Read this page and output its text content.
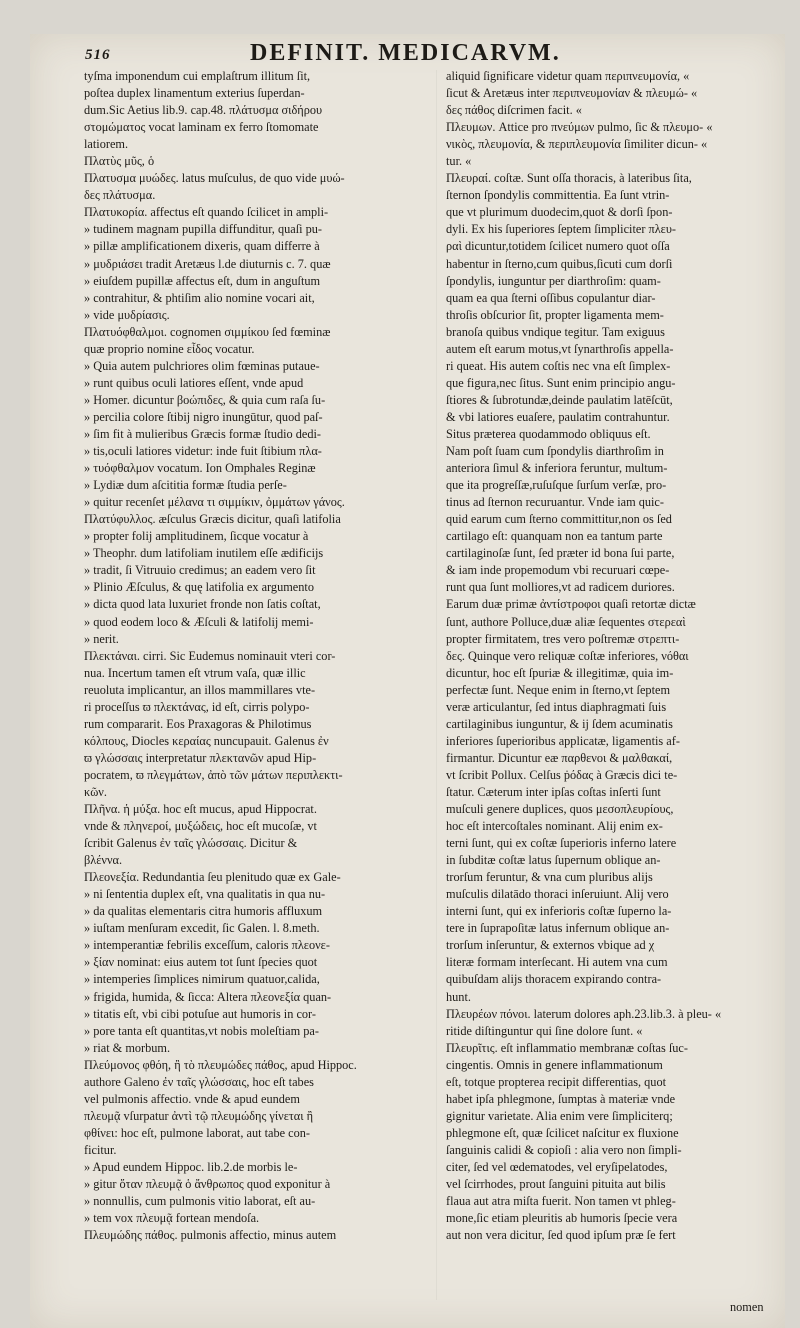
516	DEFINIT. MEDICARVM.
tyſma imponendum cui emplaſtrum illitum ſit,
poſtea duplex linamentum exterius ſuperdan-
dum.Sic Aetius lib.9. cap.48. πλάτυσμα σιδήρου
στομώματος vocat laminam ex ferro ſtomomate
latiorem.
Πλατὺς μῦς, ὁ
Πλατυσμα μυώδες. latus muſculus, de quo vide μυώ-
δες πλάτυσμα.
Πλατυκορία. affectus eſt quando ſcilicet in ampli-
» tudinem magnam pupilla diffunditur, quaſi pu-
» pillæ amplificationem dixeris, quam differre à
» μυδριάσει tradit Aretæus l.de diuturnis c. 7. quæ
» eiuſdem pupillæ affectus eſt, dum in anguſtum
» contrahitur, & phtiſim alio nomine vocari ait,
» vide μυδρίασις.
Πλατυόφθαλμοι. cognomen σιμμίκου ſed fœminæ
quæ proprio nomine εἶδος vocatur.
» Quia autem pulchriores olim fœminas putaue-
» runt quibus oculi latiores eſſent, vnde apud
» Homer. dicuntur βοώπιδες, & quia cum raſa ſu-
» percilia colore ſtibij nigro inungūtur, quod paſ-
» ſim fit à mulieribus Græcis formæ ſtudio dedi-
» tis,oculi latiores videtur: inde fuit ſtibium πλα-
» τυόφθαλμον vocatum. Ion Omphales Reginæ
» Lydiæ dum aſcititia formæ ſtudia perſe-
» quitur recenſet μέλανα τι σιμμίκιν, ὀμμάτων γάνος.
Πλατύφυλλος. æſculus Græcis dicitur, quaſi latifolia
» propter folij amplitudinem, ſicque vocatur à
» Theophr. dum latifoliam inutilem eſſe ædificijs
» tradit, ſi Vitruuio credimus; an eadem vero ſit
» Plinio Æſculus, & quę latifolia ex argumento
» dicta quod lata luxuriet fronde non ſatis coſtat,
» quod eodem loco & Æſculi & latifolij memi-
» nerit.
Πλεκτάναι. cirri. Sic Eudemus nominauit vteri cor-
nua. Incertum tamen eſt vtrum vaſa, quæ illic
reuoluta implicantur, an illos mammillares vte-
ri proceſſus ϖ πλεκτάνας, id eſt, cirris polypo-
rum compararit. Eos Praxagoras & Philotimus
κόλπους, Diocles κεραίας nuncupauit. Galenus ἐν
ϖ γλώσσαις interpretatur πλεκτανῶν apud Hip-
pocratem, ϖ πλεγμάτων, ἀπὸ τῶν μάτων περιπλεκτι-
κῶν.
Πλῆνα. ἡ μύξα. hoc eſt mucus, apud Hippocrat.
vnde & πληνεροί, μυξώδεις, hoc eſt mucoſæ, vt
ſcribit Galenus ἐν ταῖς γλώσσαις. Dicitur &
βλέννα.
Πλεονεξία. Redundantia ſeu plenitudo quæ ex Gale-
» ni ſententia duplex eſt, vna qualitatis in qua nu-
» da qualitas elementaris citra humoris affluxum
» iuſtam menſuram excedit, ſic Galen. l. 8.meth.
» intemperantiæ febrilis exceſſum, caloris πλεονε-
» ξίαν nominat: eius autem tot ſunt ſpecies quot
» intemperies ſimplices nimirum quatuor,calida,
» frigida, humida, & ſicca: Altera πλεονεξία quan-
» titatis eſt, vbi cibi potuſue aut humoris in cor-
» pore tanta eſt quantitas,vt nobis moleſtiam pa-
» riat & morbum.
Πλεύμονος φθόη, ἢ τὸ πλευμώδες πάθος, apud Hippoc.
authore Galeno ἐν ταῖς γλώσσαις, hoc eſt tabes
vel pulmonis affectio. vnde & apud eundem
πλευμᾷ vſurpatur ἀντὶ τῷ πλευμώδης γίνεται ἢ
φθίνει: hoc eſt, pulmone laborat, aut tabe con-
ficitur.
» Apud eundem Hippoc. lib.2.de morbis le-
» gitur ὅταν πλευμᾷ ὁ ἄνθρωπος quod exponitur à
» nonnullis, cum pulmonis vitio laborat, eſt au-
» tem vox πλευμᾷ fortean mendoſa.
Πλευμώδης πάθος. pulmonis affectio, minus autem
aliquid ſignificare videtur quam περιπνευμονία, «
ſicut & Aretæus inter περιπνευμονίαν & πλευμώ- «
δες πάθος diſcrimen facit. «
Πλευμων. Attice pro πνεύμων pulmo, ſic & πλευμο- «
νικὸς, πλευμονία, & περιπλευμονία ſimiliter dicun- «
tur. «
Πλευραί. coſtæ. Sunt oſſa thoracis, à lateribus ſita,
ſternon ſpondylis committentia. Ea ſunt vtrin-
que vt plurimum duodecim,quot & dorſi ſpon-
dyli. Ex his ſuperiores ſeptem ſimpliciter πλευ-
ραὶ dicuntur,totidem ſcilicet numero quot oſſa
habentur in ſterno,cum quibus,ſicuti cum dorſi
ſpondylis, iunguntur per diarthroſim: quam-
quam ea qua ſterni oſſibus copulantur diar-
throſis obſcurior ſit, propter ligamenta mem-
branoſa quibus vndique tegitur. Tam exiguus
autem eſt earum motus,vt ſynarthroſis appella-
ri queat. His autem coſtis nec vna eſt ſimplex-
que figura,nec ſitus. Sunt enim principio angu-
ſtiores & ſubrotundæ,deinde paulatim latēſcūt,
& vbi latiores euaſere, paulatim contrahuntur.
Situs præterea quodammodo obliquus eſt.
Nam poſt ſuam cum ſpondylis diarthroſim in
anteriora ſimul & inferiora feruntur, multum-
que ita progreſſæ,ruſuſque ſurſum verſæ, pro-
tinus ad ſternon recuruantur. Vnde iam quic-
quid earum cum ſterno committitur,non os ſed
cartilago eſt: quanquam non ea tantum parte
cartilaginoſæ ſunt, ſed præter id bona ſui parte,
& iam inde propemodum vbi recuruari cœpe-
runt qua ſunt molliores,vt ad radicem duriores.
Earum duæ primæ ἀντίστροφοι quaſi retortæ dictæ
ſunt, authore Polluce,duæ aliæ ſequentes στερεαὶ
propter firmitatem, tres vero poſtremæ στρεπτι-
δες. Quinque vero reliquæ coſtæ inferiores, νόθαι
dicuntur, hoc eſt ſpuriæ & illegitimæ, quia im-
perfectæ ſunt. Neque enim in ſterno,vt ſeptem
veræ articulantur, ſed intus diaphragmati ſuis
cartilaginibus iunguntur, & ij ſdem acuminatis
inferiores ſuperioribus applicatæ, ligamentis af-
firmantur. Dicuntur eæ παρθενοι & μαλθακαί,
vt ſcribit Pollux. Celſus ṗόδας à Græcis dici te-
ſtatur. Cæterum inter ipſas coſtas inſerti ſunt
muſculi genere duplices, quos μεσοπλευρίους,
hoc eſt intercoſtales nominant. Alij enim ex-
terni ſunt, qui ex coſtæ ſuperioris inferno latere
in ſubditæ coſtæ latus ſupernum oblique an-
trorſum feruntur, & vna cum pluribus alijs
muſculis dilatādo thoraci inſeruiunt. Alij vero
interni ſunt, qui ex inferioris coſtæ ſuperno la-
tere in ſuprapoſitæ latus infernum oblique an-
trorſum inſeruntur, & externos vbique ad χ
literæ formam interſecant. Hi autem vna cum
quibuſdam alijs thoracem expirando contra-
hunt.
Πλευρέων πόνοι. laterum dolores aph.23.lib.3. à pleu- «
ritide diſtinguntur qui ſine dolore ſunt. «
Πλευρῖτις. eſt inflammatio membranæ coſtas ſuc-
cingentis. Omnis in genere inflammationum
eſt, totque propterea recipit differentias, quot
habet ipſa phlegmone, ſumptas à materiæ vnde
gignitur varietate. Alia enim vere ſimpliciterq;
phlegmone eſt, quæ ſcilicet naſcitur ex fluxione
ſanguinis calidi & copioſi : alia vero non ſimpli-
citer, ſed vel œdematodes, vel eryſipelatodes,
vel ſcirrhodes, prout ſanguini pituita aut bilis
flaua aut atra miſta fuerit. Non tamen vt phleg-
mone,ſic etiam pleuritis ab humoris ſpecie vera
aut non vera dicitur, ſed quod ipſum præ ſe fert
nomen
